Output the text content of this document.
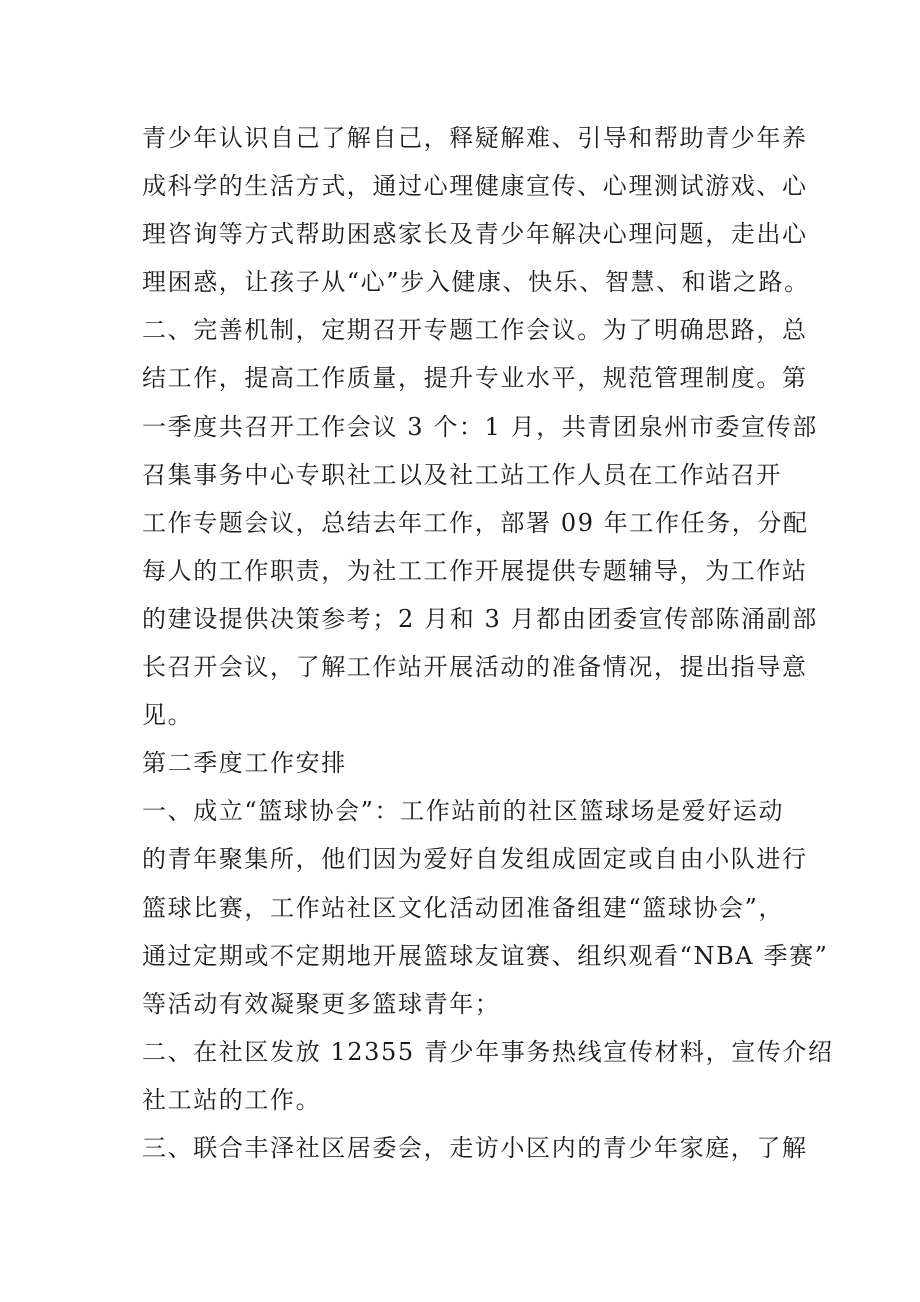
青少年认识自己了解自己，释疑解难、引导和帮助青少年养
成科学的生活方式，通过心理健康宣传、心理测试游戏、心
理咨询等方式帮助困惑家长及青少年解决心理问题，走出心
理困惑，让孩子从“心”步入健康、快乐、智慧、和谐之路。
二、完善机制，定期召开专题工作会议。为了明确思路，总
结工作，提高工作质量，提升专业水平，规范管理制度。第
一季度共召开工作会议 3 个：1 月，共青团泉州市委宣传部
召集事务中心专职社工以及社工站工作人员在工作站召开
工作专题会议，总结去年工作，部署 09 年工作任务，分配
每人的工作职责，为社工工作开展提供专题辅导，为工作站
的建设提供决策参考；2 月和 3 月都由团委宣传部陈涌副部
长召开会议，了解工作站开展活动的准备情况，提出指导意
见。
第二季度工作安排
一、成立“篮球协会”：工作站前的社区篮球场是爱好运动
的青年聚集所，他们因为爱好自发组成固定或自由小队进行
篮球比赛，工作站社区文化活动团准备组建“篮球协会”，
通过定期或不定期地开展篮球友谊赛、组织观看“NBA 季赛”
等活动有效凝聚更多篮球青年；
二、在社区发放 12355 青少年事务热线宣传材料，宣传介绍
社工站的工作。
三、联合丰泽社区居委会，走访小区内的青少年家庭，了解
